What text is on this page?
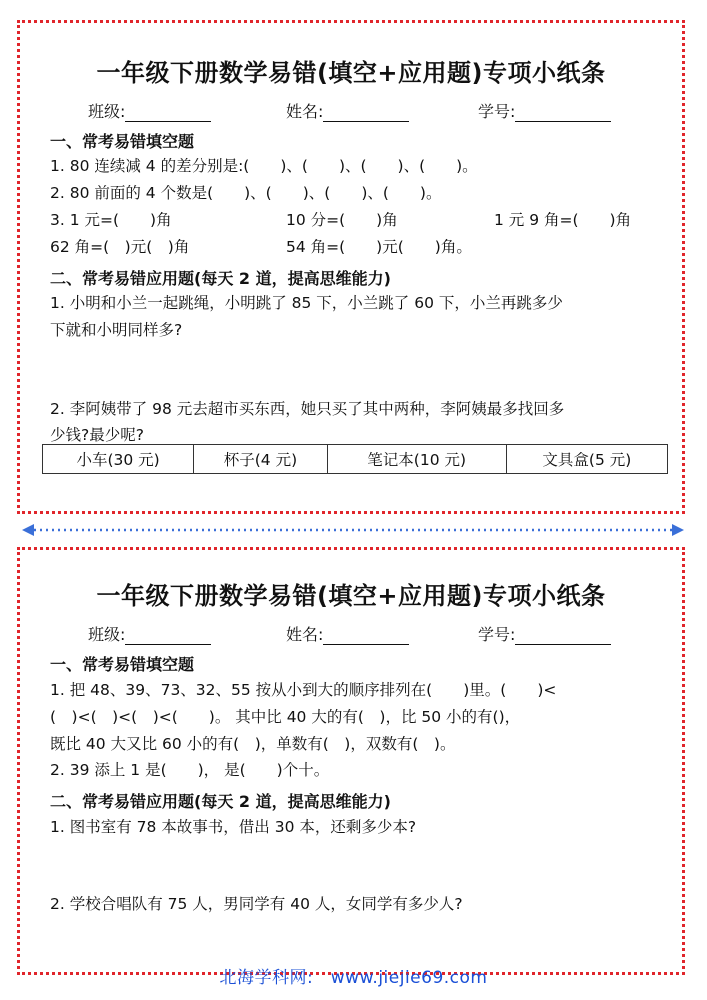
一年级下册数学易错(填空+应用题)专项小纸条
班级:	姓名:	学号:
一、常考易错填空题
1. 80 连续减 4 的差分别是:(　　)、(　　)、(　　)、(　　)。
2. 80 前面的 4 个数是(　　)、(　　)、(　　)、(　　)。
3. 1 元=(　　)角	10 分=(　　)角	1 元 9 角=(　　)角
62 角=(　)元(　)角	54 角=(　　)元(　　)角。
二、常考易错应用题(每天 2 道，提高思维能力)
1. 小明和小兰一起跳绳，小明跳了 85 下，小兰跳了 60 下，小兰再跳多少
下就和小明同样多?
2. 李阿姨带了 98 元去超市买东西，她只买了其中两种，李阿姨最多找回多
少钱?最少呢?
小车(30 元)	杯子(4 元)	笔记本(10 元)	文具盒(5 元)
一年级下册数学易错(填空+应用题)专项小纸条
班级:	姓名:	学号:
一、常考易错填空题
1. 把 48、39、73、32、55 按从小到大的顺序排列在(　　)里。(　　)<
(　)<(　)<(　)<(　　)。 其中比 40 大的有(　)，比 50 小的有()，
既比 40 大又比 60 小的有(　)，单数有(　)，双数有(　)。
2. 39 添上 1 是(　　)， 是(　　)个十。
二、常考易错应用题(每天 2 道，提高思维能力)
1. 图书室有 78 本故事书，借出 30 本，还剩多少本?
2. 学校合唱队有 75 人，男同学有 40 人，女同学有多少人?
北海学科网:　www.jiejie69.com
